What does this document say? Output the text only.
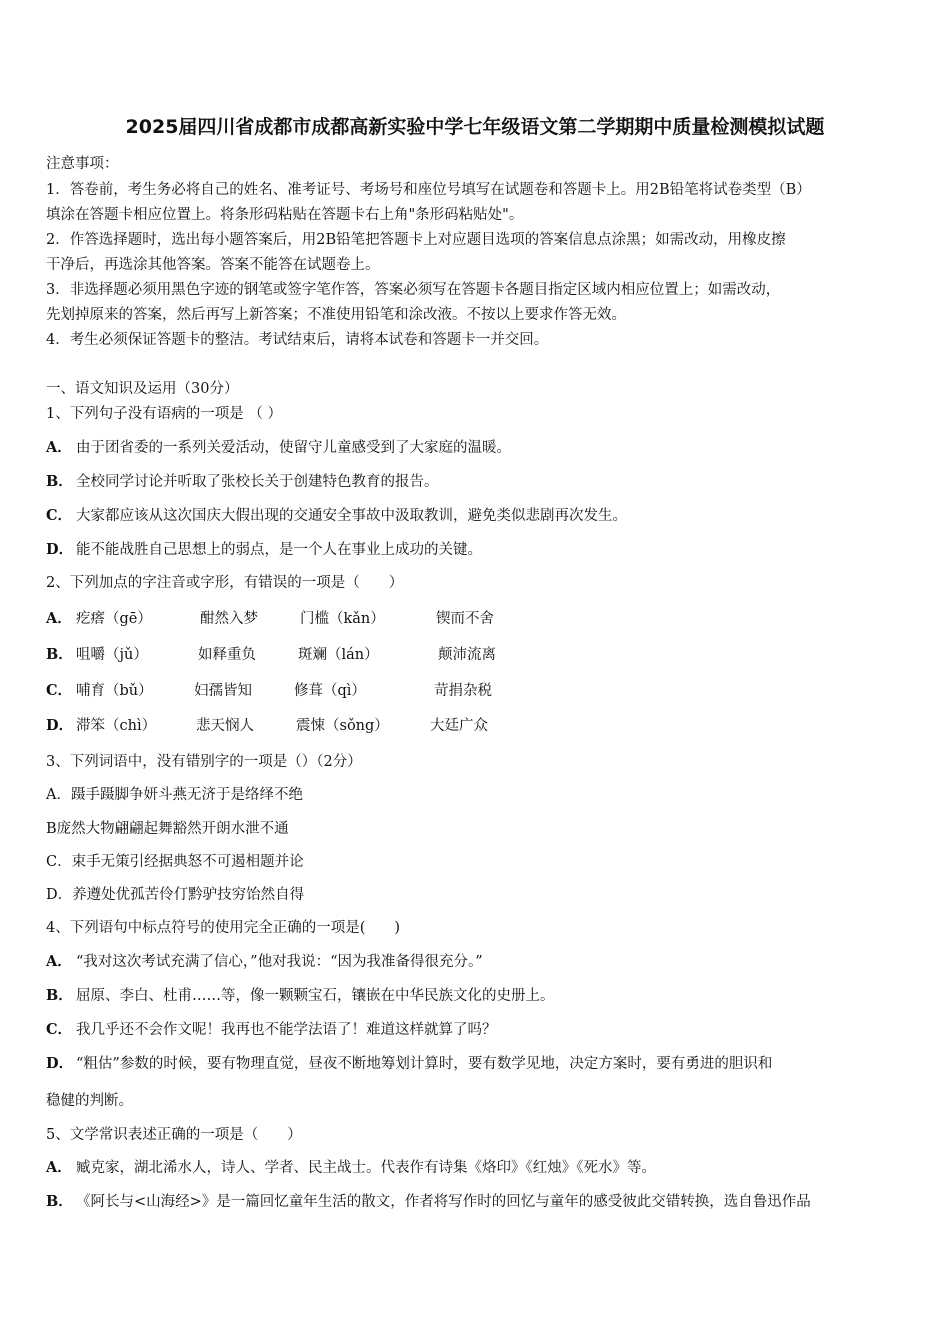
2025届四川省成都市成都高新实验中学七年级语文第二学期期中质量检测模拟试题
注意事项：
1．答卷前，考生务必将自己的姓名、准考证号、考场号和座位号填写在试题卷和答题卡上。用2B铅笔将试卷类型（B）
填涂在答题卡相应位置上。将条形码粘贴在答题卡右上角"条形码粘贴处"。
2．作答选择题时，选出每小题答案后，用2B铅笔把答题卡上对应题目选项的答案信息点涂黑；如需改动，用橡皮擦
干净后，再选涂其他答案。答案不能答在试题卷上。
3．非选择题必须用黑色字迹的钢笔或签字笔作答，答案必须写在答题卡各题目指定区域内相应位置上；如需改动，
先划掉原来的答案，然后再写上新答案；不准使用铅笔和涂改液。不按以上要求作答无效。
4．考生必须保证答题卡的整洁。考试结束后，请将本试卷和答题卡一并交回。
一、语文知识及运用（30分）
1、下列句子没有语病的一项是 （ ）
A． 由于团省委的一系列关爱活动，使留守儿童感受到了大家庭的温暖。
B． 全校同学讨论并听取了张校长关于创建特色教育的报告。
C． 大家都应该从这次国庆大假出现的交通安全事故中汲取教训，避免类似悲剧再次发生。
D． 能不能战胜自己思想上的弱点，是一个人在事业上成功的关键。
2、下列加点的字注音或字形，有错误的一项是（　　）
A． 疙瘩（gē）	酣然入梦	门槛（kǎn）	锲而不舍
B． 咀嚼（jǔ）	如释重负	斑斓（lán）	颠沛流离
C． 哺育（bǔ）	妇孺皆知	修葺（qì）	苛捐杂税
D． 滞笨（chì）	悲天悯人	震悚（sǒng）	大廷广众
3、下列词语中，没有错别字的一项是（）（2分）
A．蹑手蹑脚争妍斗燕无济于是络绎不绝
B庞然大物翩翩起舞豁然开朗水泄不通
C．束手无策引经据典怒不可遏相题并论
D．养遵处优孤苦伶仃黔驴技穷饴然自得
4、下列语句中标点符号的使用完全正确的一项是(　　)
A． “我对这次考试充满了信心，”他对我说：“因为我准备得很充分。”
B． 屈原、李白、杜甫……等，像一颗颗宝石，镶嵌在中华民族文化的史册上。
C． 我几乎还不会作文呢！我再也不能学法语了！难道这样就算了吗？
D． “粗估”参数的时候，要有物理直觉，昼夜不断地筹划计算时，要有数学见地，决定方案时，要有勇进的胆识和
稳健的判断。
5、文学常识表述正确的一项是（　　）
A． 臧克家，湖北浠水人，诗人、学者、民主战士。代表作有诗集《烙印》《红烛》《死水》等。
B． 《阿长与<山海经>》是一篇回忆童年生活的散文，作者将写作时的回忆与童年的感受彼此交错转换，选自鲁迅作品
